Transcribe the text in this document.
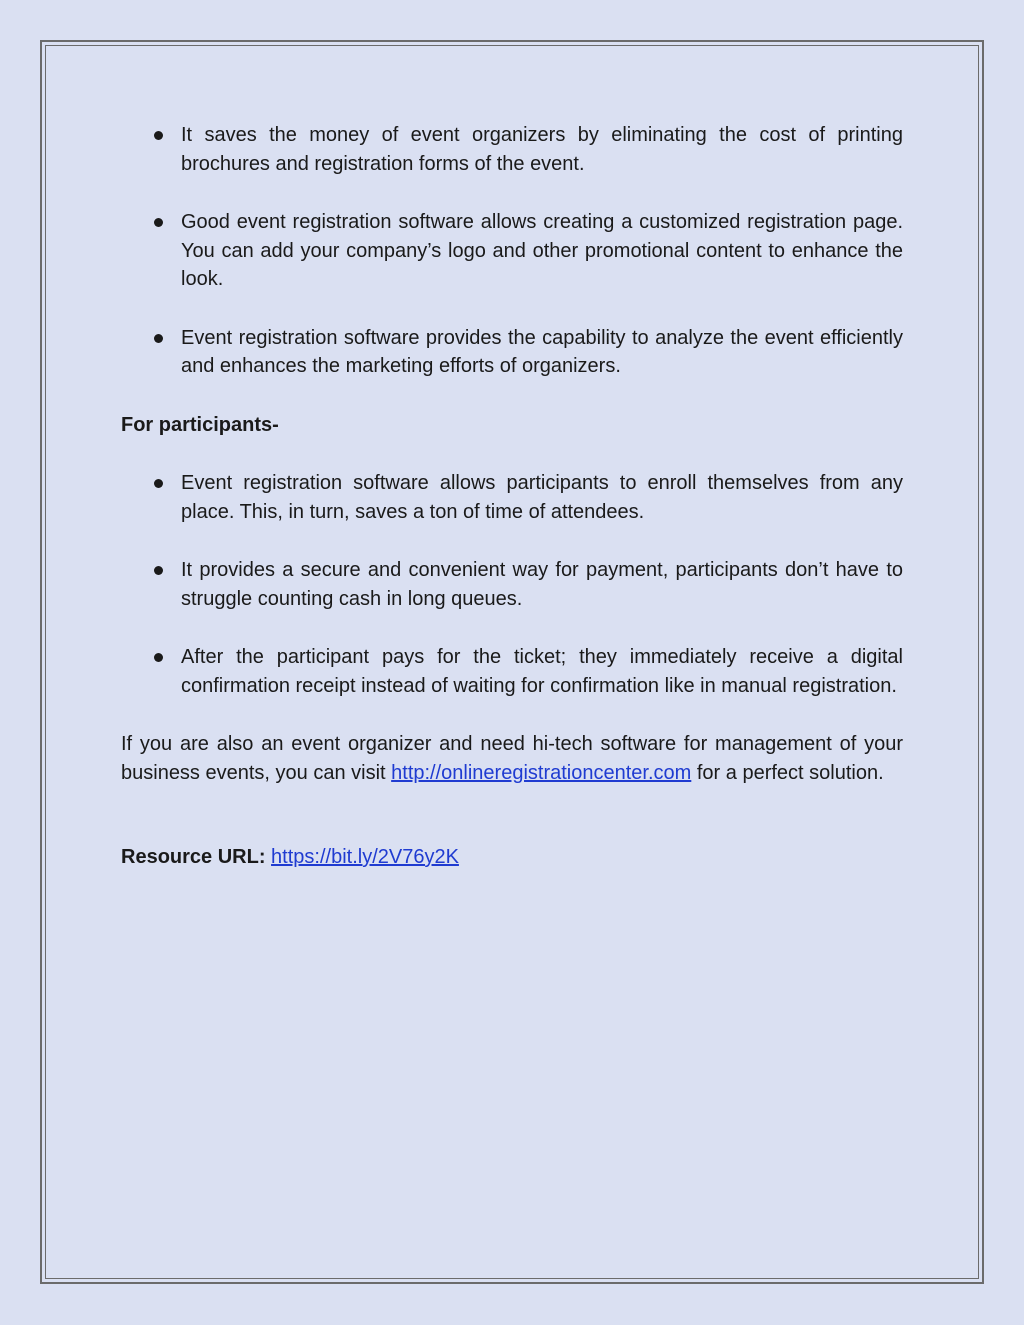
It saves the money of event organizers by eliminating the cost of printing brochures and registration forms of the event.
Good event registration software allows creating a customized registration page. You can add your company’s logo and other promotional content to enhance the look.
Event registration software provides the capability to analyze the event efficiently and enhances the marketing efforts of organizers.

For participants-

Event registration software allows participants to enroll themselves from any place. This, in turn, saves a ton of time of attendees.
It provides a secure and convenient way for payment, participants don’t have to struggle counting cash in long queues.
After the participant pays for the ticket; they immediately receive a digital confirmation receipt instead of waiting for confirmation like in manual registration.

If you are also an event organizer and need hi-tech software for management of your business events, you can visit http://onlineregistrationcenter.com for a perfect solution.

Resource URL: https://bit.ly/2V76y2K
